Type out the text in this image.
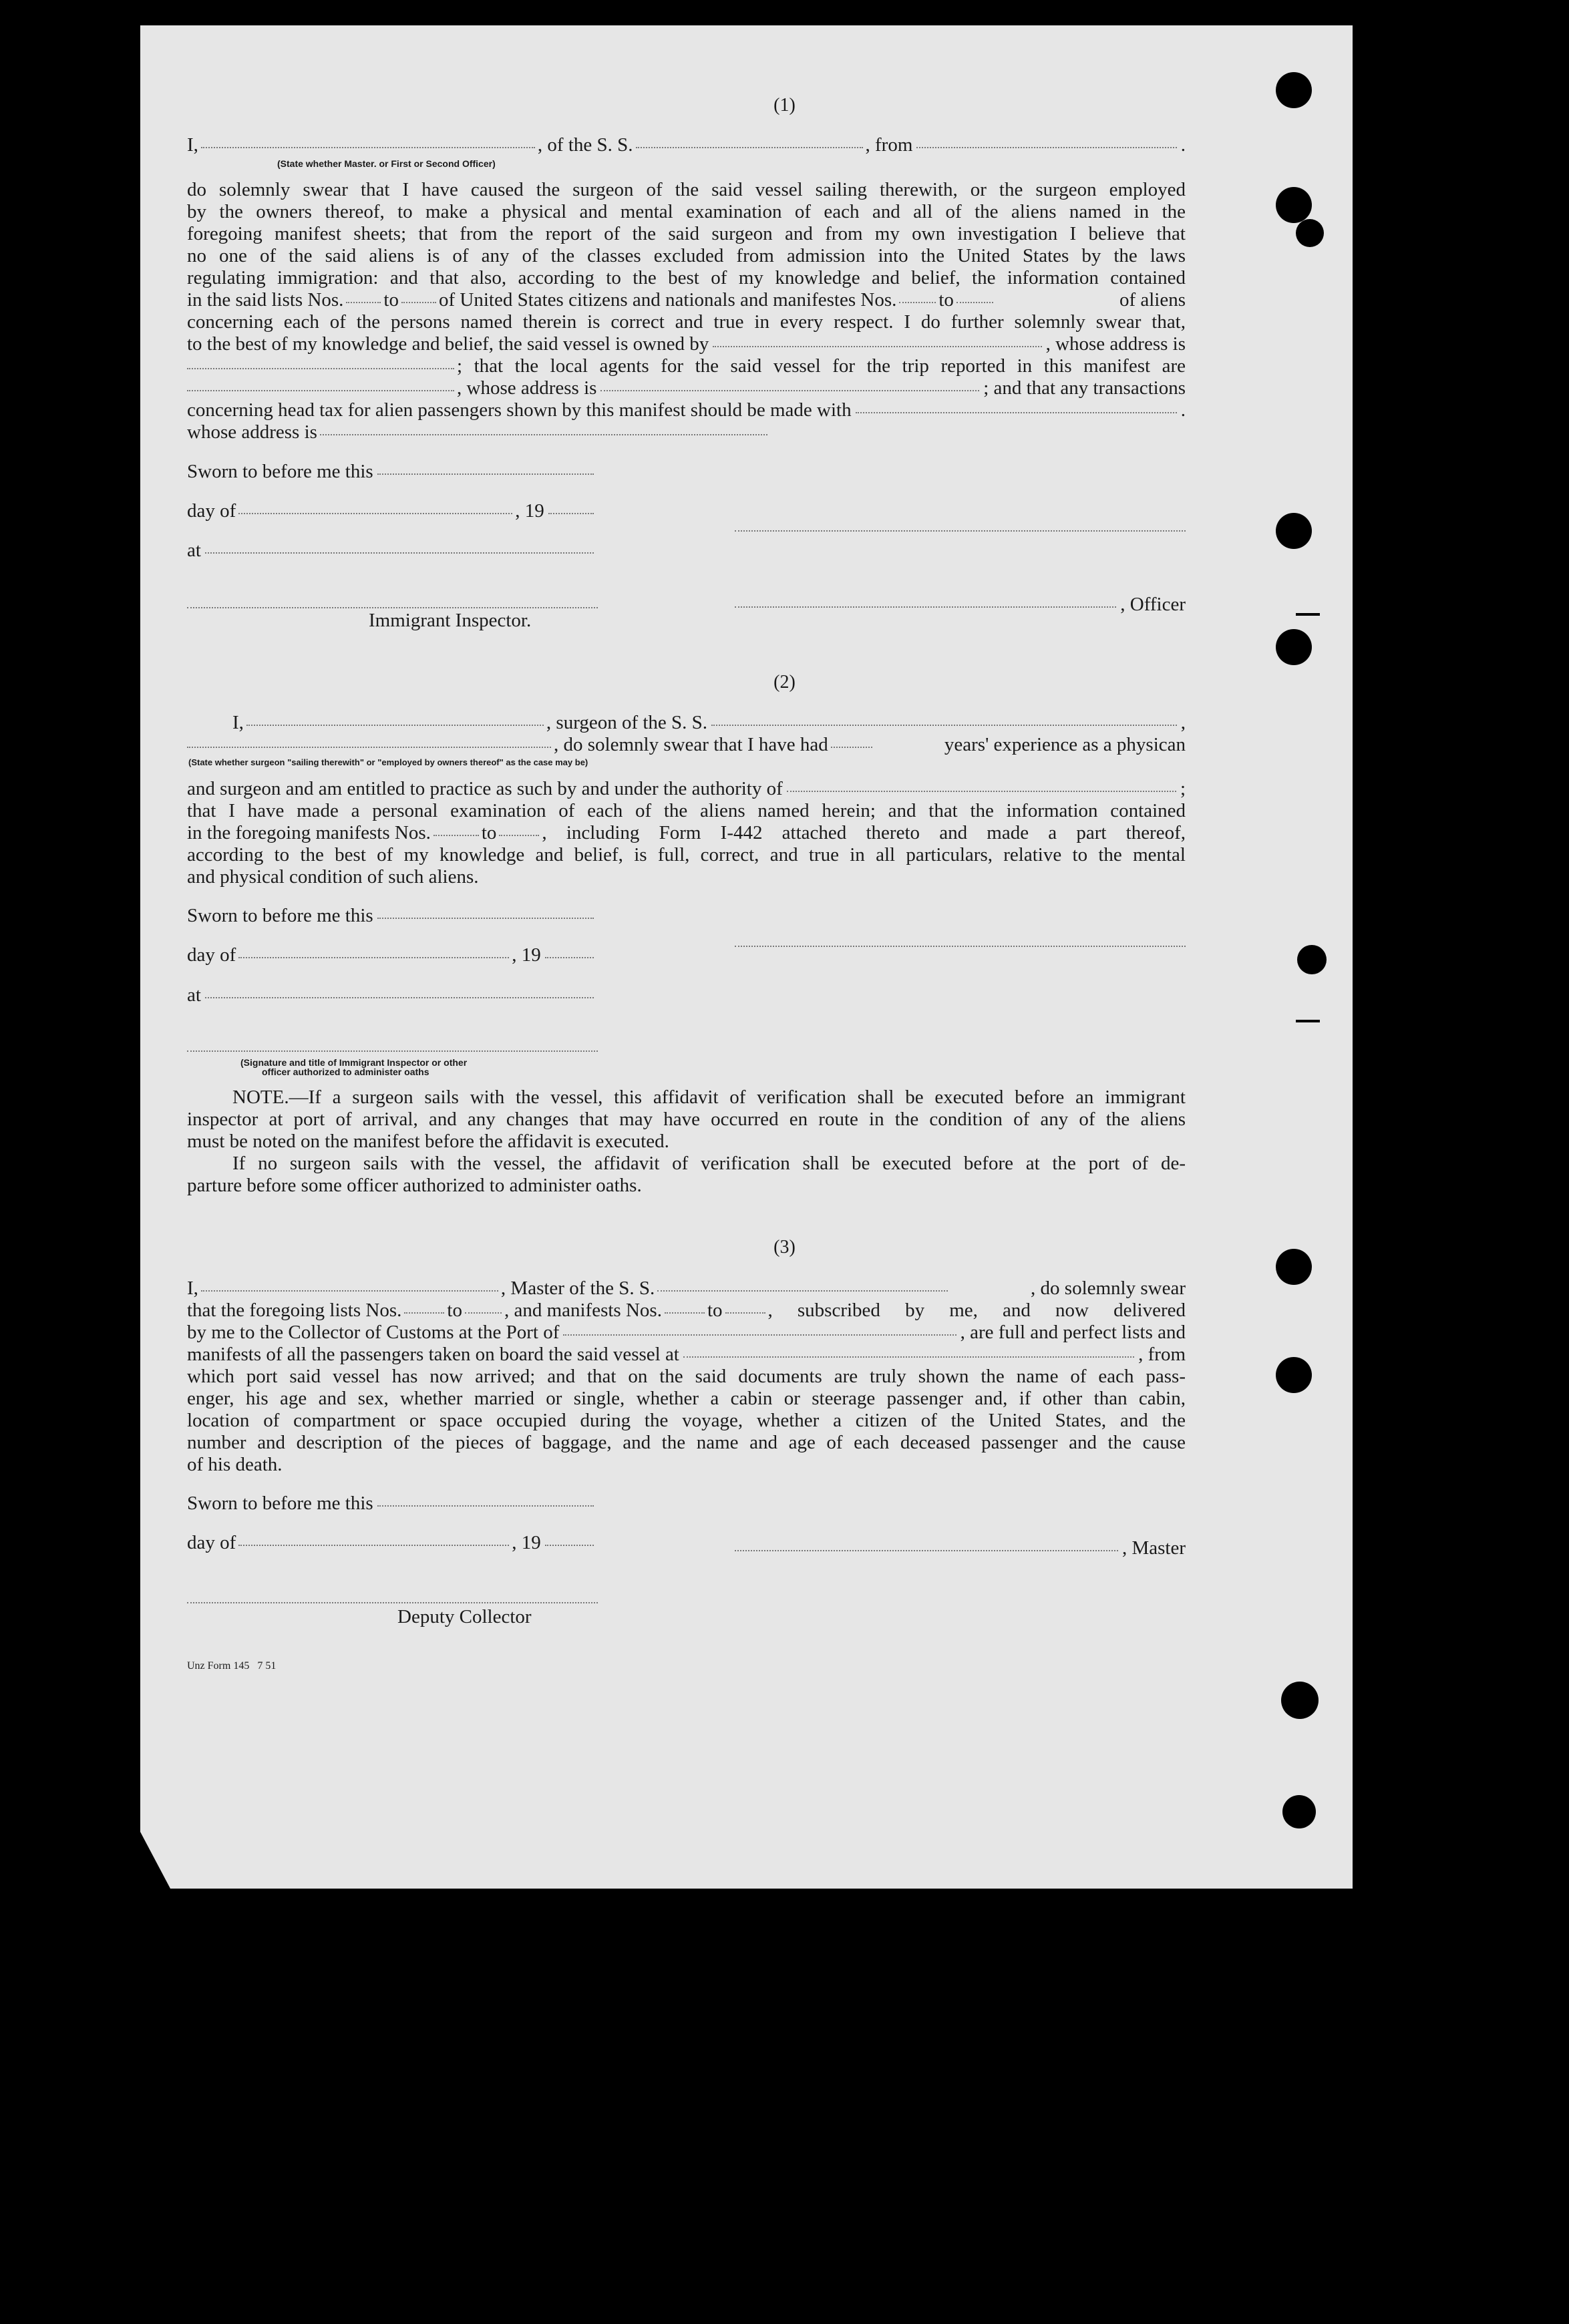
(1)
I,	, of the S. S.	, from	.
(State whether Master. or First or Second Officer)

do solemnly swear that I have caused the surgeon of the said vessel sailing therewith, or the surgeon employed

by the owners thereof, to make a physical and mental examination of each and all of the aliens named in the

foregoing manifest sheets; that from the report of the said surgeon and from my own investigation I believe that

no one of the said aliens is of any of the classes excluded from admission into the United States by the laws

regulating immigration: and that also, according to the best of my knowledge and belief, the information contained

in the said lists Nos. to of United States citizens and nationals and manifestes Nos. to	of aliens

concerning each of the persons named therein is correct and true in every respect. I do further solemnly swear that,

to the best of my knowledge and belief, the said vessel is owned by	, whose address is
; that the local agents for the said vessel for the trip reported in this manifest are
, whose address is	; and that any transactions
concerning head tax for alien passengers shown by this manifest should be made with	.
whose address is
Sworn to before me this
day of	, 19
at
, Officer
Immigrant Inspector.
(2)
I,	, surgeon of the S. S.	,
, do solemnly swear that I have had	years' experience as a physican
(State whether surgeon "sailing therewith" or "employed by owners thereof" as the case may be)
and surgeon and am entitled to practice as such by and under the authority of	;

that I have made a personal examination of each of the aliens named herein; and that the information contained

in the foregoing manifests Nos.	to , including Form I-442 attached thereto and made a part thereof,

according to the best of my knowledge and belief, is full, correct, and true in all particulars, relative to the mental

and physical condition of such aliens.

Sworn to before me this
day of	, 19
at
(Signature and title of Immigrant Inspector or other
officer authorized to administer oaths

NOTE.—If a surgeon sails with the vessel, this affidavit of verification shall be executed before an immigrant

inspector at port of arrival, and any changes that may have occurred en route in the condition of any of the aliens

must be noted on the manifest before the affidavit is executed.

If no surgeon sails with the vessel, the affidavit of verification shall be executed before at the port of de-

parture before some officer authorized to administer oaths.

(3)
I,	, Master of the S. S.	, do solemnly swear
that the foregoing lists Nos. to , and manifests Nos. to , subscribed by me, and now delivered
by me to the Collector of Customs at the Port of	, are full and perfect lists and
manifests of all the passengers taken on board the said vessel at	, from

which port said vessel has now arrived; and that on the said documents are truly shown the name of each pass-

enger, his age and sex, whether married or single, whether a cabin or steerage passenger and, if other than cabin,

location of compartment or space occupied during the voyage, whether a citizen of the United States, and the

number and description of the pieces of baggage, and the name and age of each deceased passenger and the cause

of his death.

Sworn to before me this
day of	, 19	, Master
Deputy Collector
Unz Form 145   7 51
